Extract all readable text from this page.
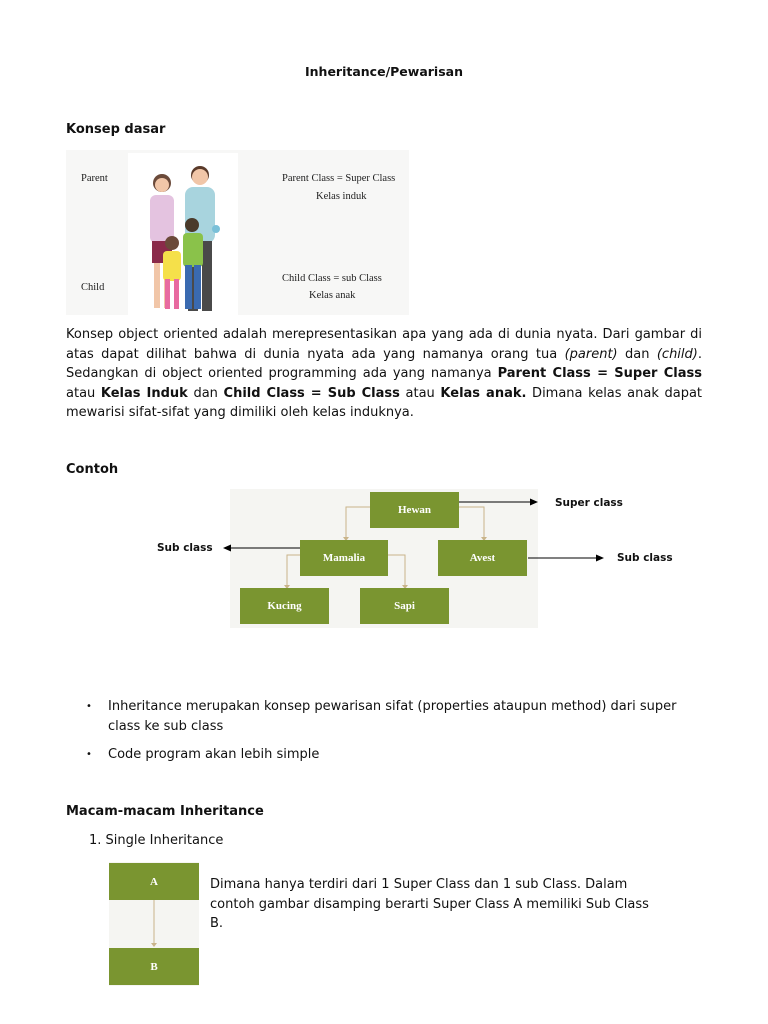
Inheritance/Pewarisan
Konsep dasar
Parent
Child
Parent Class = Super Class
Kelas induk
Child Class = sub Class
Kelas anak
Konsep object oriented adalah merepresentasikan apa yang ada di dunia nyata. Dari gambar di atas dapat dilihat bahwa di dunia nyata ada yang namanya orang tua (parent) dan (child). Sedangkan di object oriented programming ada yang namanya Parent Class = Super Class atau Kelas Induk dan Child Class = Sub Class atau Kelas anak. Dimana kelas anak dapat mewarisi sifat-sifat yang dimiliki oleh kelas induknya.
Contoh
Hewan
Mamalia	Avest
Kucing	Sapi
Super class
Sub class
Sub class
• Inheritance merupakan konsep pewarisan sifat (properties ataupun method) dari super class ke sub class
• Code program akan lebih simple
Macam-macam Inheritance
1. Single Inheritance
A
B
Dimana hanya terdiri dari 1 Super Class dan 1 sub Class. Dalam contoh gambar disamping berarti Super Class A memiliki Sub Class B.
